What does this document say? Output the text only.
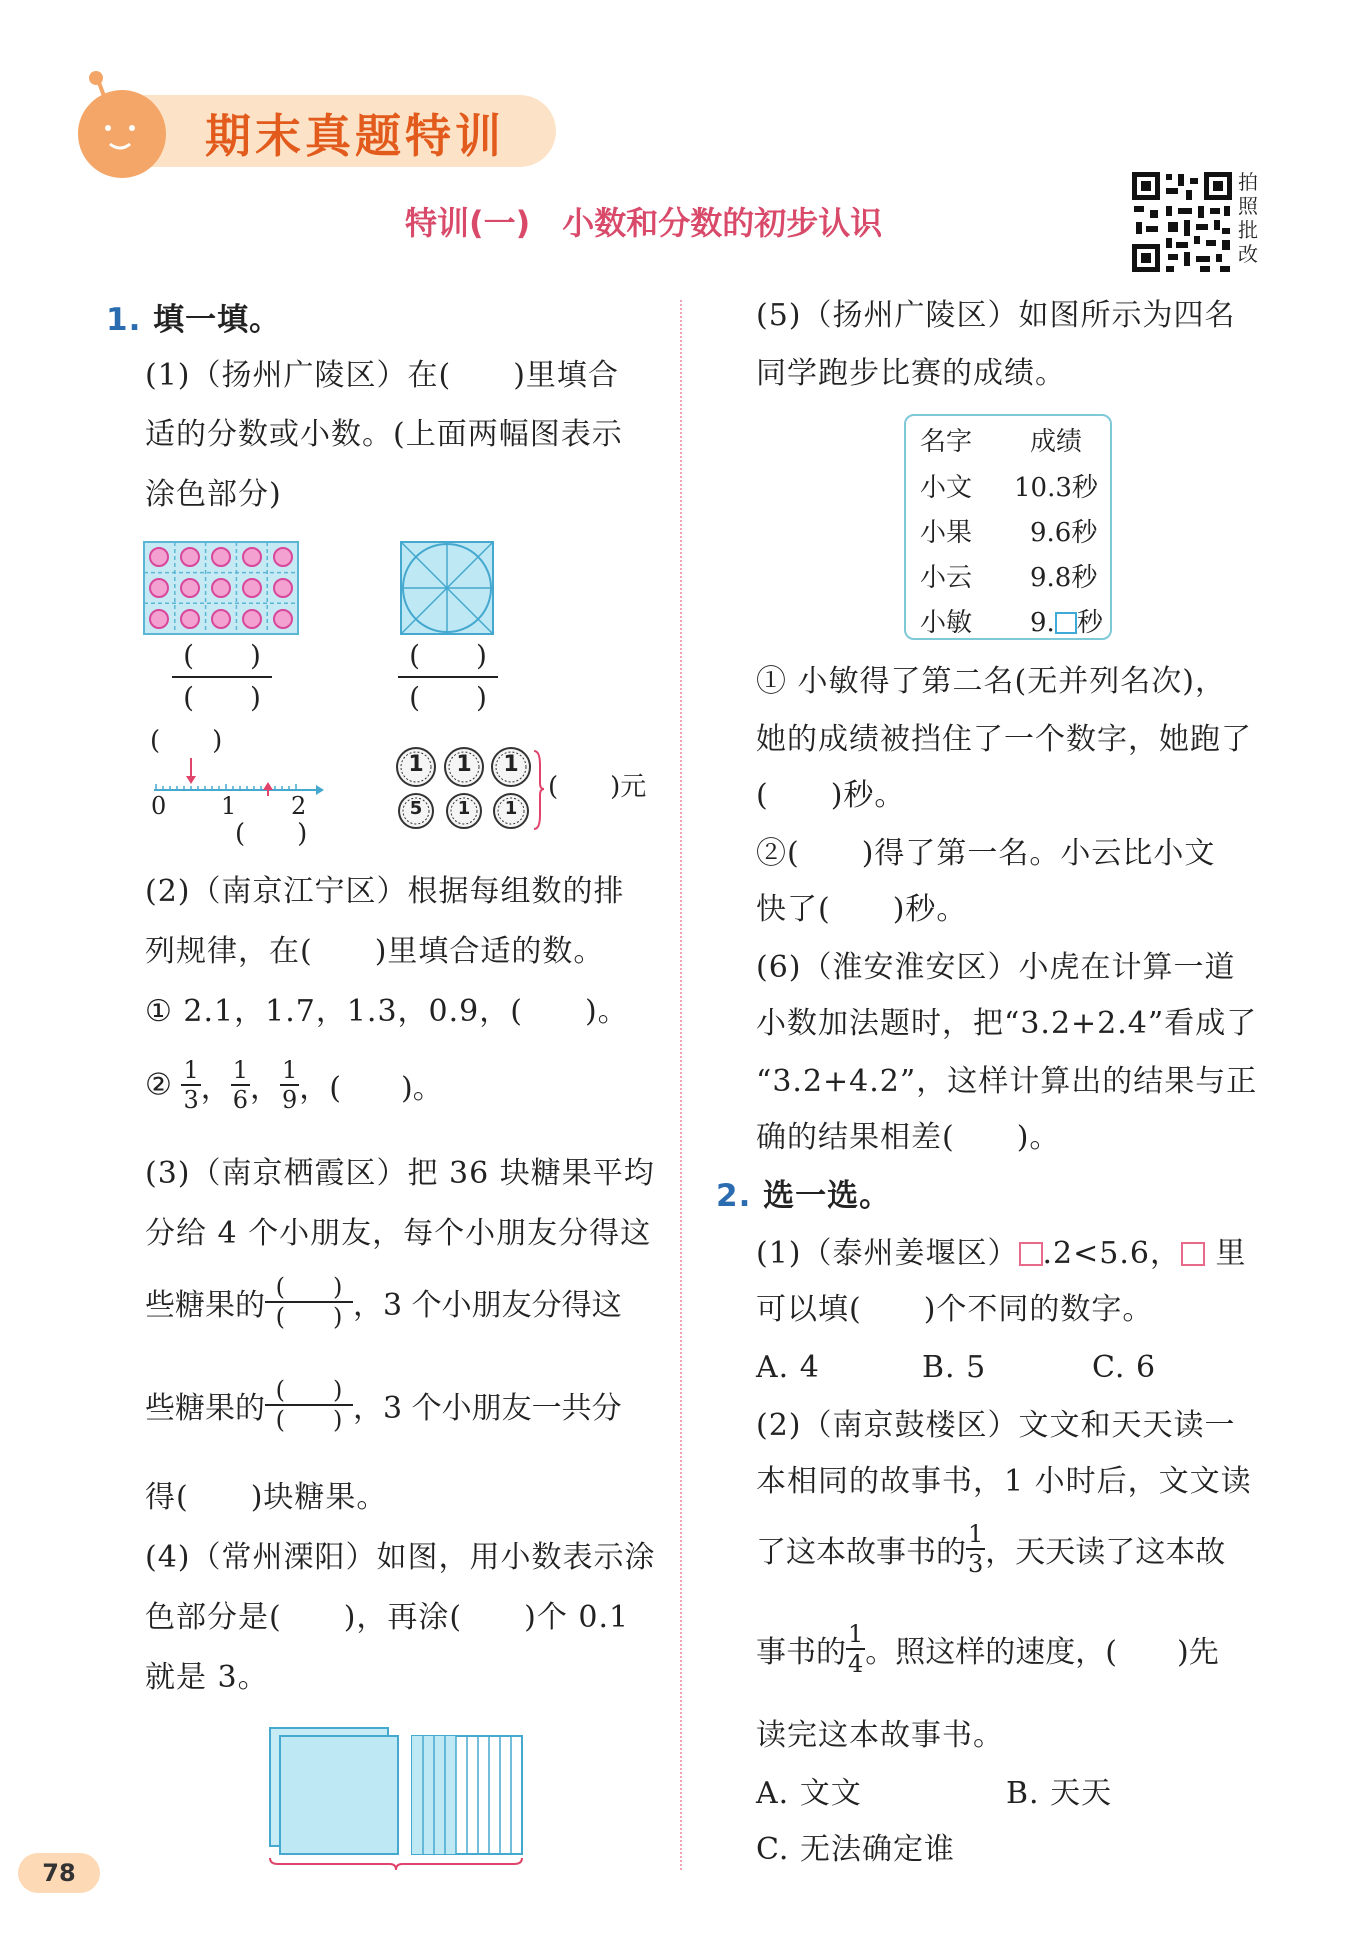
期末真题特训
特训(一)　小数和分数的初步认识
拍照批改
1. 填一填。
(1)（扬州广陵区）在(　　)里填合
适的分数或小数。(上面两幅图表示
涂色部分)
(　　)
(　　)
(　　)
(　　)
(　　)
0 1 2
(　　)
1 1 1
5 1 1
(　　)元
(2)（南京江宁区）根据每组数的排
列规律，在(　　)里填合适的数。
① 2.1，1.7，1.3，0.9，(　　)。
② $\frac{1}{3}$ ， $\frac{1}{6}$ ， $\frac{1}{9}$ ，(　　)。
(3)（南京栖霞区）把 36 块糖果平均
分给 4 个小朋友，每个小朋友分得这
些糖果的 $\frac{( )}{( )}$ ，3 个小朋友分得这
些糖果的 $\frac{( )}{( )}$ ，3 个小朋友一共分
得(　　)块糖果。
(4)（常州溧阳）如图，用小数表示涂
色部分是(　　)，再涂(　　)个 0.1
就是 3。
(5)（扬州广陵区）如图所示为四名
同学跑步比赛的成绩。
名字 成绩
小文 10.3秒
小果 9.6秒
小云 9.8秒
小敏 9. 秒
① 小敏得了第二名(无并列名次)，
她的成绩被挡住了一个数字，她跑了
(　　)秒。
②(　　)得了第一名。小云比小文
快了(　　)秒。
(6)（淮安淮安区）小虎在计算一道
小数加法题时，把“3.2+2.4”看成了
“3.2+4.2”，这样计算出的结果与正
确的结果相差(　　)。
2. 选一选。
(1)（泰州姜堰区） .2<5.6， 里
可以填(　　)个不同的数字。
A. 4	B. 5	C. 6
(2)（南京鼓楼区）文文和天天读一
本相同的故事书，1 小时后，文文读
了这本故事书的 $\frac{1}{3}$ ，天天读了这本故
事书的 $\frac{1}{4}$ 。照这样的速度，(　　)先
读完这本故事书。
A. 文文	B. 天天
C. 无法确定谁
78
